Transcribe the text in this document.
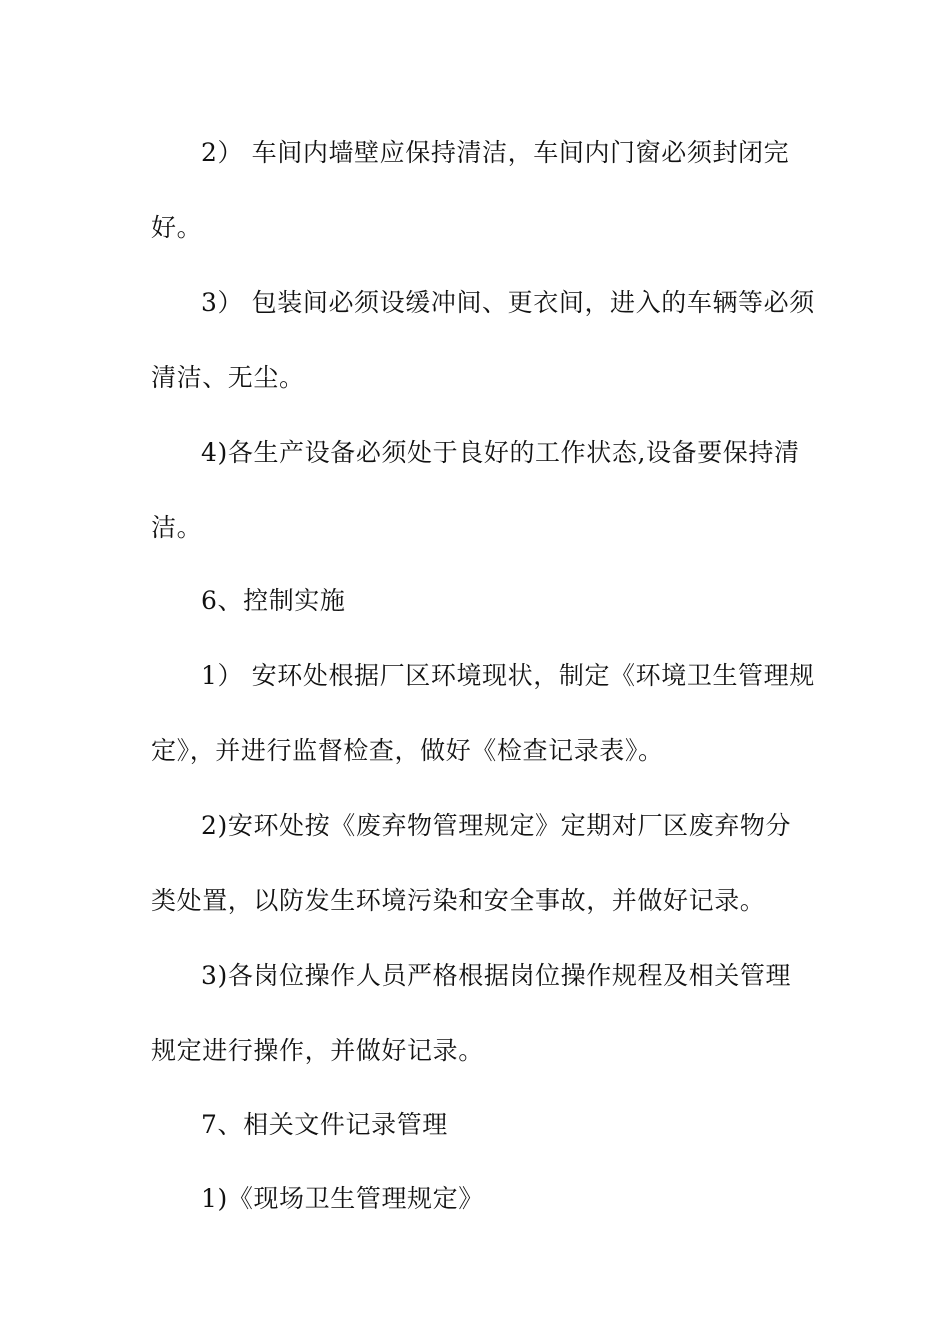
2） 车间内墙壁应保持清洁，车间内门窗必须封闭完
好。
3） 包装间必须设缓冲间、更衣间，进入的车辆等必须
清洁、无尘。
4)各生产设备必须处于良好的工作状态,设备要保持清
洁。
6、控制实施
1） 安环处根据厂区环境现状，制定《环境卫生管理规
定》，并进行监督检查，做好《检查记录表》。
2)安环处按《废弃物管理规定》定期对厂区废弃物分
类处置，以防发生环境污染和安全事故，并做好记录。
3)各岗位操作人员严格根据岗位操作规程及相关管理
规定进行操作，并做好记录。
7、相关文件记录管理
1)《现场卫生管理规定》
